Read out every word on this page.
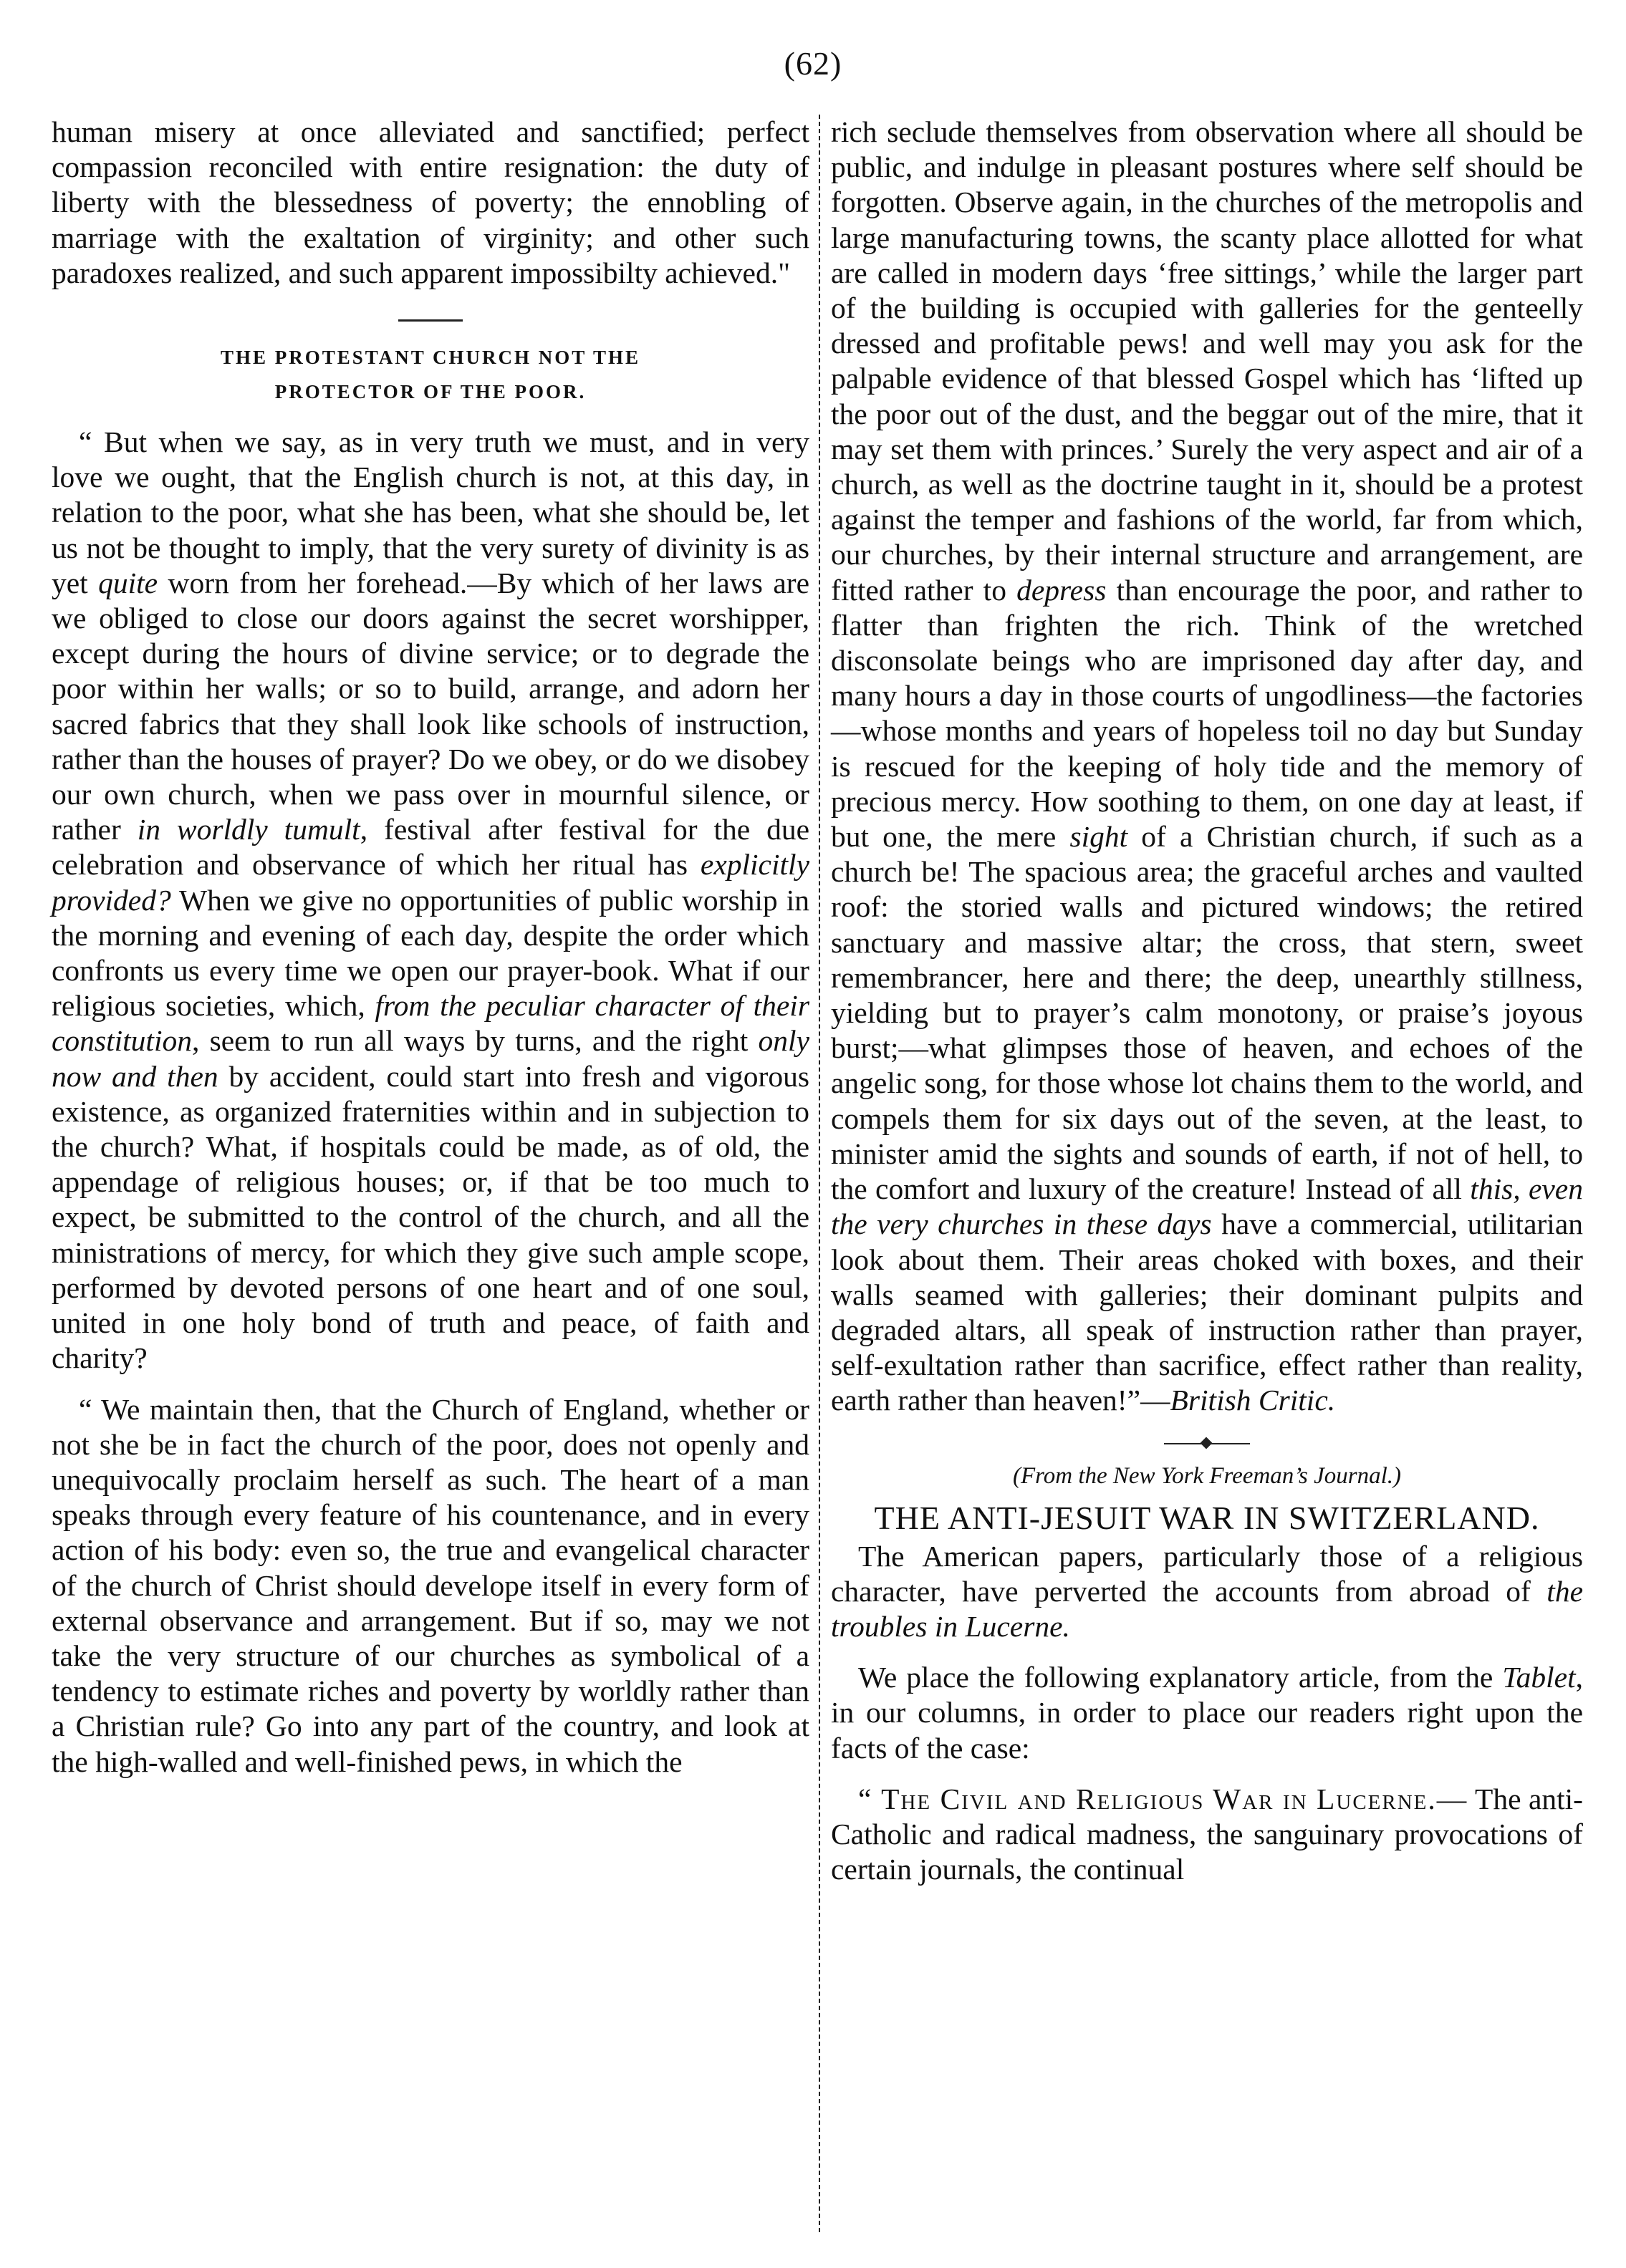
(62)

human misery at once alleviated and sanctified; perfect compassion reconciled with entire resignation: the duty of liberty with the blessedness of poverty; the ennobling of marriage with the exaltation of virginity; and other such paradoxes realized, and such apparent impossibilty achieved."

THE PROTESTANT CHURCH NOT THE
PROTECTOR OF THE POOR.

“ But when we say, as in very truth we must, and in very love we ought, that the English church is not, at this day, in relation to the poor, what she has been, what she should be, let us not be thought to imply, that the very surety of divinity is as yet quite worn from her forehead.—By which of her laws are we obliged to close our doors against the secret worshipper, except during the hours of divine service; or to degrade the poor within her walls; or so to build, arrange, and adorn her sacred fabrics that they shall look like schools of instruction, rather than the houses of prayer? Do we obey, or do we disobey our own church, when we pass over in mournful silence, or rather in worldly tumult, festival after festival for the due celebration and observance of which her ritual has explicitly provided? When we give no opportunities of public worship in the morning and evening of each day, despite the order which confronts us every time we open our prayer-book. What if our religious societies, which, from the peculiar character of their constitution, seem to run all ways by turns, and the right only now and then by accident, could start into fresh and vigorous existence, as organized fraternities within and in subjection to the church? What, if hospitals could be made, as of old, the appendage of religious houses; or, if that be too much to expect, be submitted to the control of the church, and all the ministrations of mercy, for which they give such ample scope, performed by devoted persons of one heart and of one soul, united in one holy bond of truth and peace, of faith and charity?

“ We maintain then, that the Church of England, whether or not she be in fact the church of the poor, does not openly and unequivocally proclaim herself as such. The heart of a man speaks through every feature of his countenance, and in every action of his body: even so, the true and evangelical character of the church of Christ should develope itself in every form of external observance and arrangement. But if so, may we not take the very structure of our churches as symbolical of a tendency to estimate riches and poverty by worldly rather than a Christian rule? Go into any part of the country, and look at the high-walled and well-finished pews, in which the

rich seclude themselves from observation where all should be public, and indulge in pleasant postures where self should be forgotten. Observe again, in the churches of the metropolis and large manufacturing towns, the scanty place allotted for what are called in modern days ‘free sittings,’ while the larger part of the building is occupied with galleries for the genteelly dressed and profitable pews! and well may you ask for the palpable evidence of that blessed Gospel which has ‘lifted up the poor out of the dust, and the beggar out of the mire, that it may set them with princes.’ Surely the very aspect and air of a church, as well as the doctrine taught in it, should be a protest against the temper and fashions of the world, far from which, our churches, by their internal structure and arrangement, are fitted rather to depress than encourage the poor, and rather to flatter than frighten the rich. Think of the wretched disconsolate beings who are imprisoned day after day, and many hours a day in those courts of ungodliness—the factories—whose months and years of hopeless toil no day but Sunday is rescued for the keeping of holy tide and the memory of precious mercy. How soothing to them, on one day at least, if but one, the mere sight of a Christian church, if such as a church be! The spacious area; the graceful arches and vaulted roof: the storied walls and pictured windows; the retired sanctuary and massive altar; the cross, that stern, sweet remembrancer, here and there; the deep, unearthly stillness, yielding but to prayer’s calm monotony, or praise’s joyous burst;—what glimpses those of heaven, and echoes of the angelic song, for those whose lot chains them to the world, and compels them for six days out of the seven, at the least, to minister amid the sights and sounds of earth, if not of hell, to the comfort and luxury of the creature! Instead of all this, even the very churches in these days have a commercial, utilitarian look about them. Their areas choked with boxes, and their walls seamed with galleries; their dominant pulpits and degraded altars, all speak of instruction rather than prayer, self-exultation rather than sacrifice, effect rather than reality, earth rather than heaven!”—British Critic.

(From the New York Freeman’s Journal.)
THE ANTI-JESUIT WAR IN SWITZERLAND.

The American papers, particularly those of a religious character, have perverted the accounts from abroad of the troubles in Lucerne.

We place the following explanatory article, from the Tablet, in our columns, in order to place our readers right upon the facts of the case:

“ The Civil and Religious War in Lucerne.— The anti-Catholic and radical madness, the sanguinary provocations of certain journals, the continual
